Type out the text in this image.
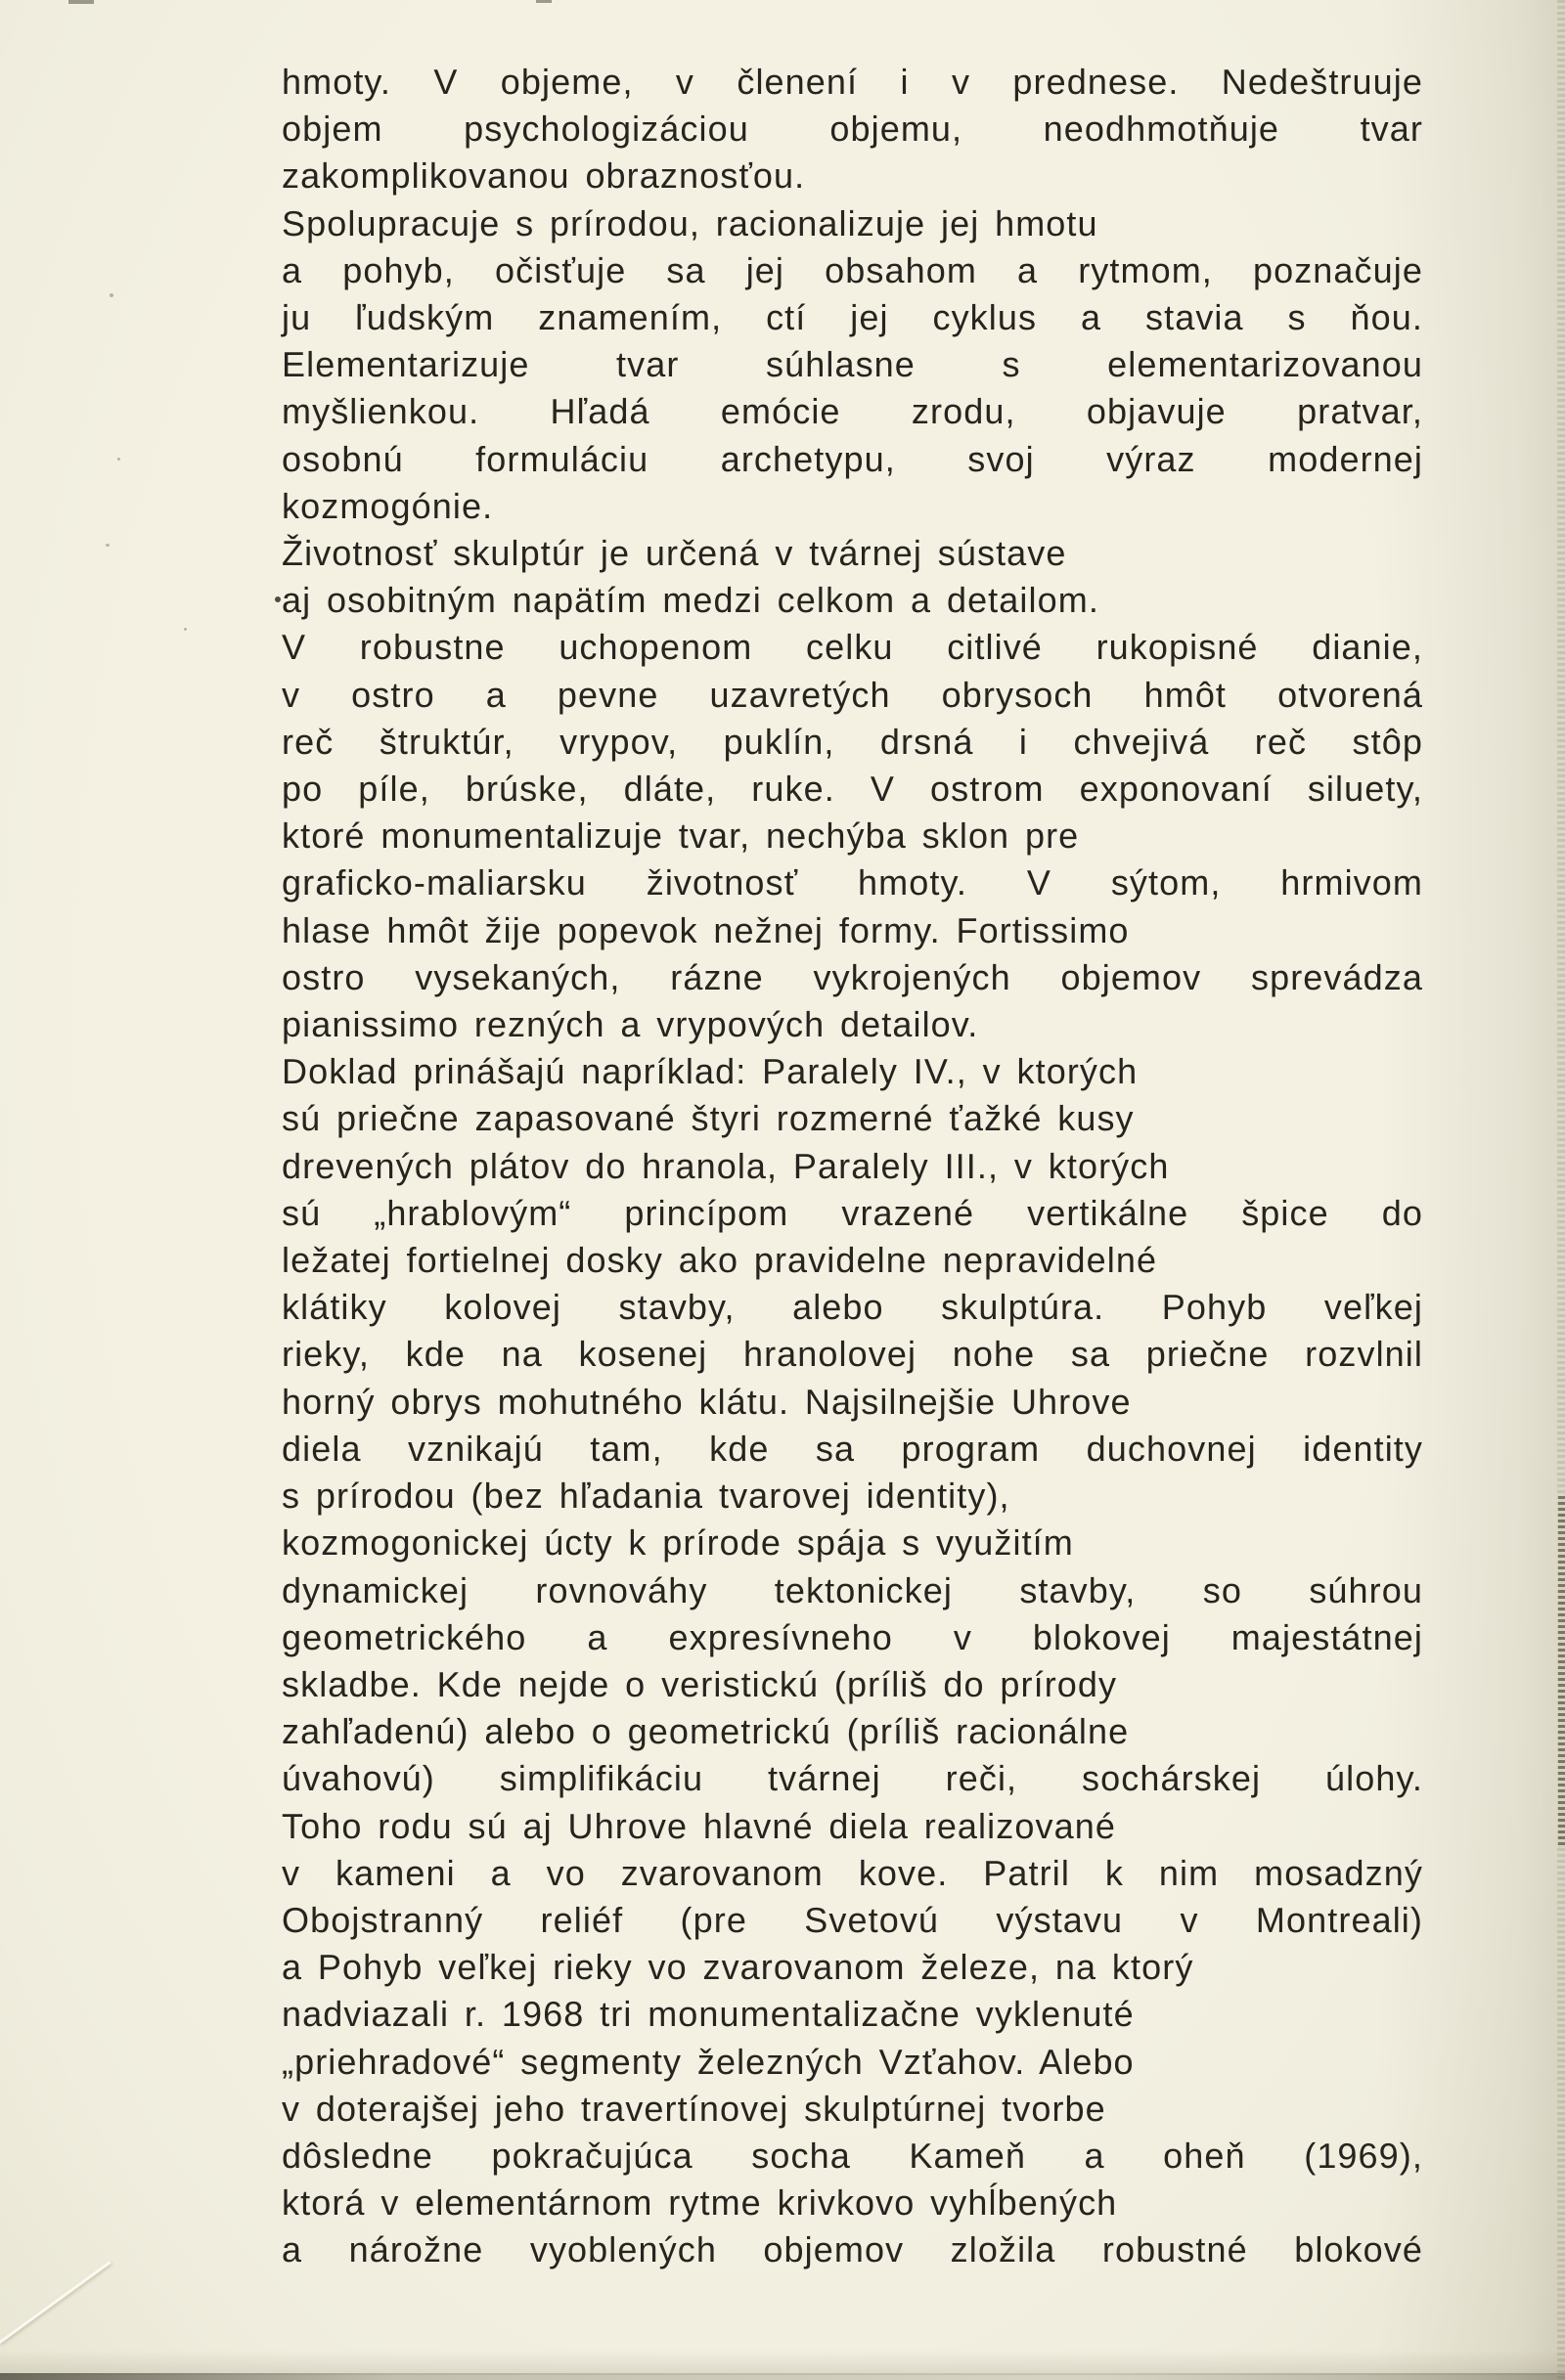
hmoty. V objeme, v členení i v prednese. Nedeštruuje
objem psychologizáciou objemu, neodhmotňuje tvar
zakomplikovanou obraznosťou.
Spolupracuje s prírodou, racionalizuje jej hmotu
a pohyb, očisťuje sa jej obsahom a rytmom, poznačuje
ju ľudským znamením, ctí jej cyklus a stavia s ňou.
Elementarizuje tvar súhlasne s elementarizovanou
myšlienkou. Hľadá emócie zrodu, objavuje pratvar,
osobnú formuláciu archetypu, svoj výraz modernej
kozmogónie.
Životnosť skulptúr je určená v tvárnej sústave
aj osobitným napätím medzi celkom a detailom.
V robustne uchopenom celku citlivé rukopisné dianie,
v ostro a pevne uzavretých obrysoch hmôt otvorená
reč štruktúr, vrypov, puklín, drsná i chvejivá reč stôp
po píle, brúske, dláte, ruke. V ostrom exponovaní siluety,
ktoré monumentalizuje tvar, nechýba sklon pre
graficko-maliarsku životnosť hmoty. V sýtom, hrmivom
hlase hmôt žije popevok nežnej formy. Fortissimo
ostro vysekaných, rázne vykrojených objemov sprevádza
pianissimo rezných a vrypových detailov.
Doklad prinášajú napríklad: Paralely IV., v ktorých
sú priečne zapasované štyri rozmerné ťažké kusy
drevených plátov do hranola, Paralely III., v ktorých
sú „hrablovým“ princípom vrazené vertikálne špice do
ležatej fortielnej dosky ako pravidelne nepravidelné
klátiky kolovej stavby, alebo skulptúra. Pohyb veľkej
rieky, kde na kosenej hranolovej nohe sa priečne rozvlnil
horný obrys mohutného klátu. Najsilnejšie Uhrove
diela vznikajú tam, kde sa program duchovnej identity
s prírodou (bez hľadania tvarovej identity),
kozmogonickej úcty k prírode spája s využitím
dynamickej rovnováhy tektonickej stavby, so súhrou
geometrického a expresívneho v blokovej majestátnej
skladbe. Kde nejde o veristickú (príliš do prírody
zahľadenú) alebo o geometrickú (príliš racionálne
úvahovú) simplifikáciu tvárnej reči, sochárskej úlohy.
Toho rodu sú aj Uhrove hlavné diela realizované
v kameni a vo zvarovanom kove. Patril k nim mosadzný
Obojstranný reliéf (pre Svetovú výstavu v Montreali)
a Pohyb veľkej rieky vo zvarovanom železe, na ktorý
nadviazali r. 1968 tri monumentalizačne vyklenuté
„priehradové“ segmenty železných Vzťahov. Alebo
v doterajšej jeho travertínovej skulptúrnej tvorbe
dôsledne pokračujúca socha Kameň a oheň (1969),
ktorá v elementárnom rytme krivkovo vyhĺbených
a nárožne vyoblených objemov zložila robustné blokové
